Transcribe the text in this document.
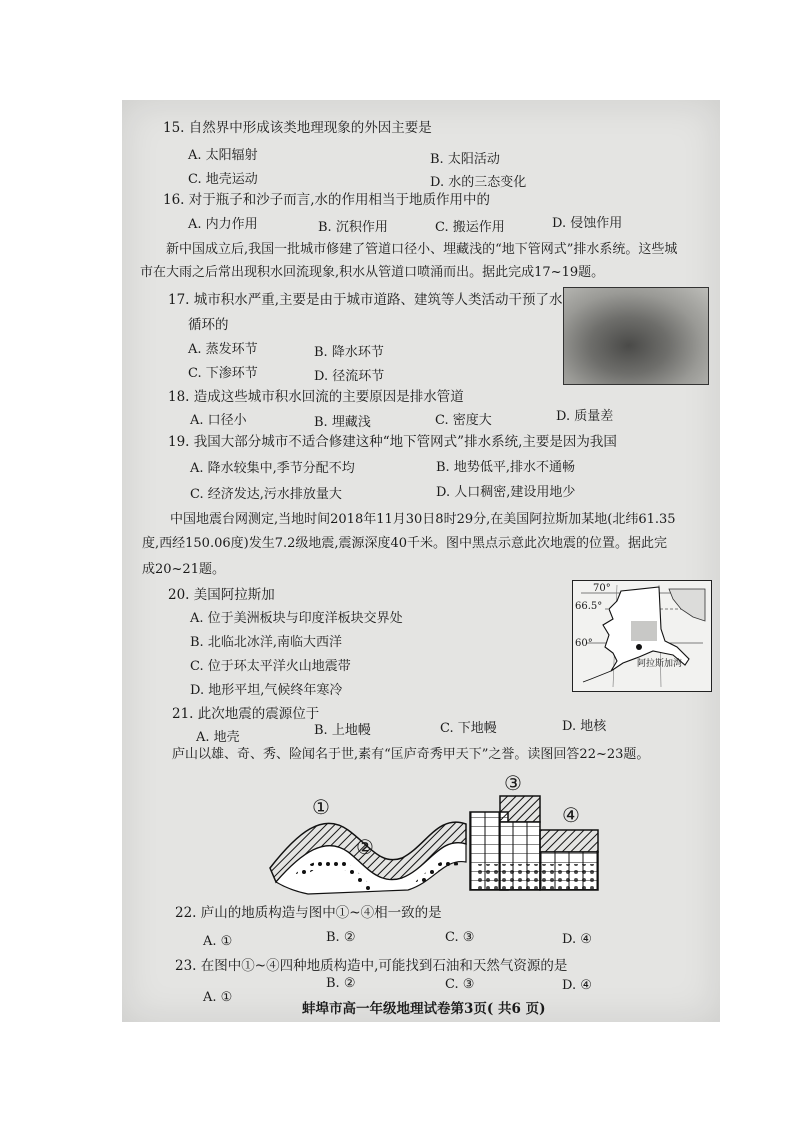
15. 自然界中形成该类地理现象的外因主要是
A. 太阳辐射	B. 太阳活动
C. 地壳运动	D. 水的三态变化
16. 对于瓶子和沙子而言,水的作用相当于地质作用中的
A. 内力作用	B. 沉积作用	C. 搬运作用	D. 侵蚀作用
新中国成立后,我国一批城市修建了管道口径小、埋藏浅的“地下管网式”排水系统。这些城
市在大雨之后常出现积水回流现象,积水从管道口喷涌而出。据此完成17~19题。
17. 城市积水严重,主要是由于城市道路、建筑等人类活动干预了水
循环的
A. 蒸发环节	B. 降水环节
C. 下渗环节	D. 径流环节
18. 造成这些城市积水回流的主要原因是排水管道
A. 口径小	B. 埋藏浅	C. 密度大	D. 质量差
19. 我国大部分城市不适合修建这种“地下管网式”排水系统,主要是因为我国
A. 降水较集中,季节分配不均	B. 地势低平,排水不通畅
C. 经济发达,污水排放量大	D. 人口稠密,建设用地少
中国地震台网测定,当地时间2018年11月30日8时29分,在美国阿拉斯加某地(北纬61.35
度,西经150.06度)发生7.2级地震,震源深度40千米。图中黑点示意此次地震的位置。据此完
成20~21题。
20. 美国阿拉斯加
A. 位于美洲板块与印度洋板块交界处
B. 北临北冰洋,南临大西洋
C. 位于环太平洋火山地震带
D. 地形平坦,气候终年寒冷
70°
66.5°
60°
阿拉斯加湾
21. 此次地震的震源位于
A. 地壳	B. 上地幔	C. 下地幔	D. 地核
庐山以雄、奇、秀、险闻名于世,素有“匡庐奇秀甲天下”之誉。读图回答22~23题。
①
②
③
④
22. 庐山的地质构造与图中①~④相一致的是
A. ①	B. ②	C. ③	D. ④
23. 在图中①~④四种地质构造中,可能找到石油和天然气资源的是
A. ①
B. ②	C. ③	D. ④
蚌埠市高一年级地理试卷第3页( 共6 页)
